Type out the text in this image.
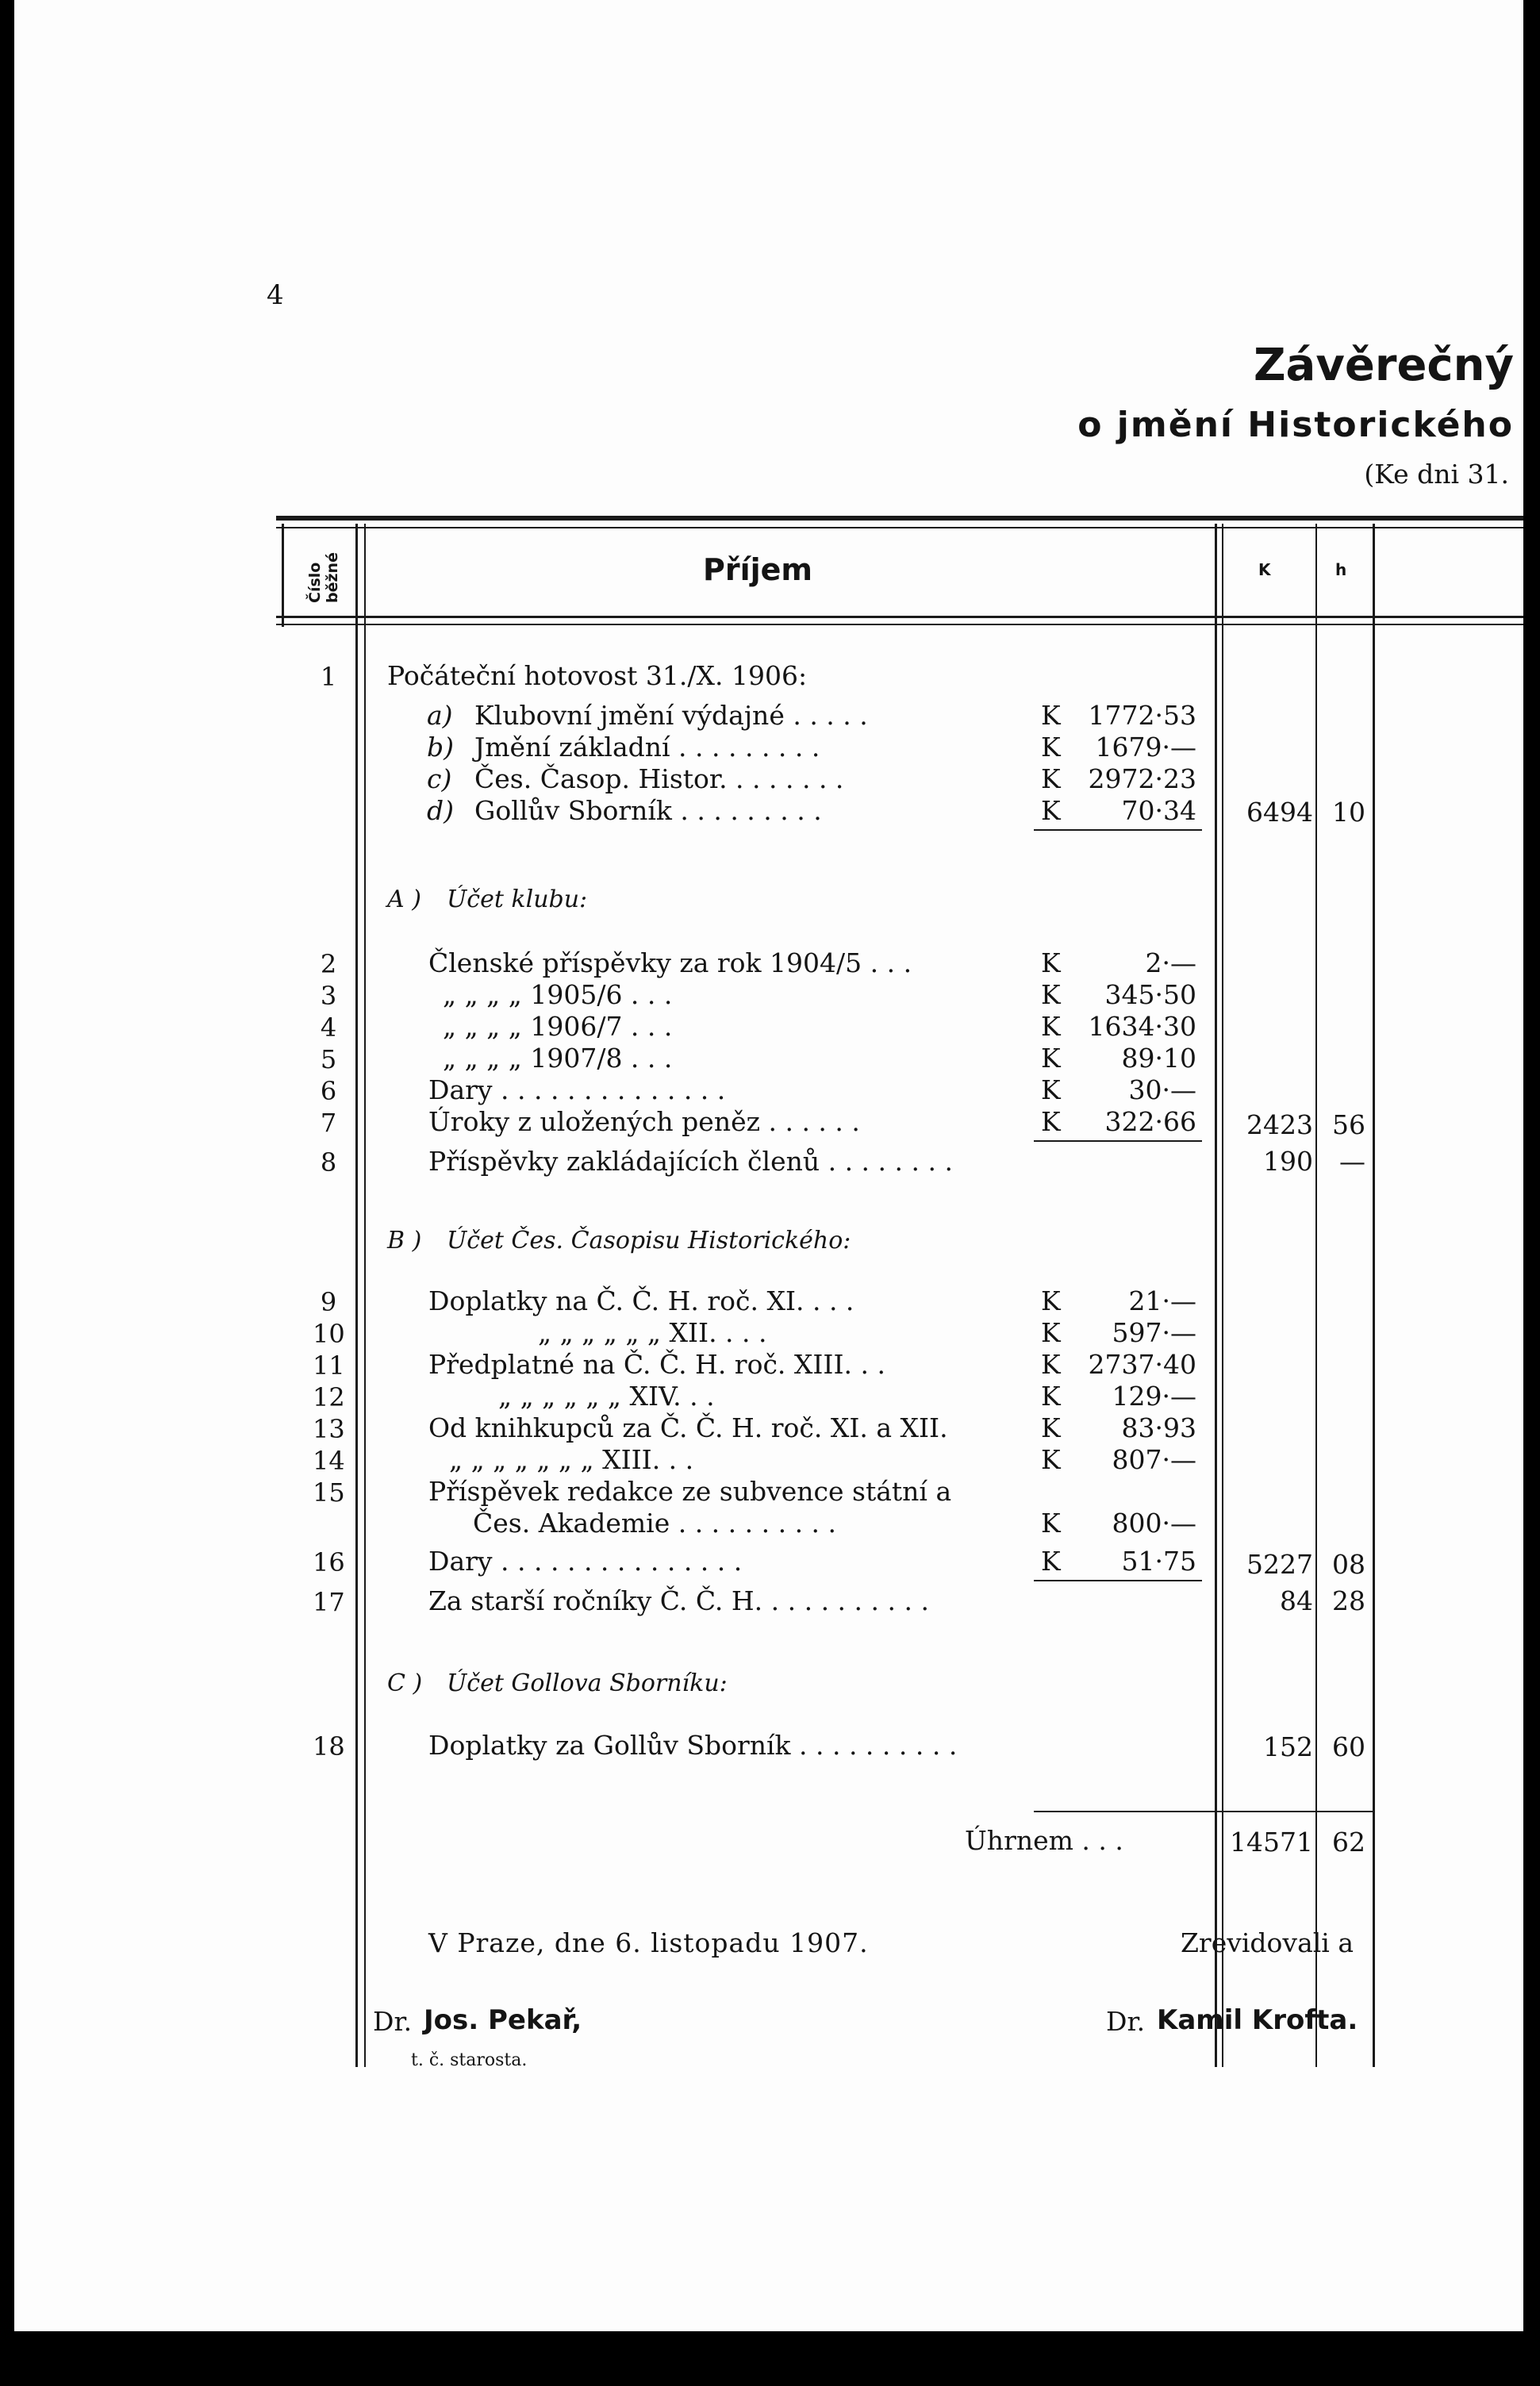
4
Závěrečný
o jmění Historického
(Ke dni 31.
Číslo běžné	Příjem	K	h
1 Počáteční hotovost 31./X. 1906:
a) Klubovní jmění výdajné . . . . .	K	1772·53
b) Jmění základní . . . . . . . . .	K	1679·—
c) Čes. Časop. Histor. . . . . . . .	K	2972·23
d) Gollův Sborník . . . . . . . . .	K	70·34	6494 10
A ) Účet klubu:
2	Členské příspěvky za rok 1904/5 . . .	K	2·—
3	„ „ „ „ 1905/6 . . .	K	345·50
4	„ „ „ „ 1906/7 . . .	K	1634·30
5	„ „ „ „ 1907/8 . . .	K	89·10
6	Dary . . . . . . . . . . . . . .	K	30·—
7	Úroky z uložených peněz . . . . . .	K	322·66	2423 56
8	Příspěvky zakládajících členů . . . . . . . .	190	—
B ) Účet Čes. Časopisu Historického:
9	Doplatky na Č. Č. H. roč. XI. . . .	K	21·—
10	„ „ „ „ „ „ XII. . . .	K	597·—
11	Předplatné na Č. Č. H. roč. XIII. . .	K	2737·40
12	„ „ „ „ „ „ XIV. . .	K	129·—
13	Od knihkupců za Č. Č. H. roč. XI. a XII.	K	83·93
14	„ „ „ „ „ „ „ XIII. . .	K	807·—
15	Příspěvek redakce ze subvence státní a
Čes. Akademie . . . . . . . . . .	K	800·—
16	Dary . . . . . . . . . . . . . . .	K	51·75	5227 08
17	Za starší ročníky Č. Č. H. . . . . . . . . . .	84 28
C ) Účet Gollova Sborníku:
18	Doplatky za Gollův Sborník . . . . . . . . . .	152 60
Úhrnem . . .	14571 62
V Praze, dne 6. listopadu 1907.	Zrevidovali a
Dr. Jos. Pekař,
t. č. starosta.
Dr. Kamil Krofta.
